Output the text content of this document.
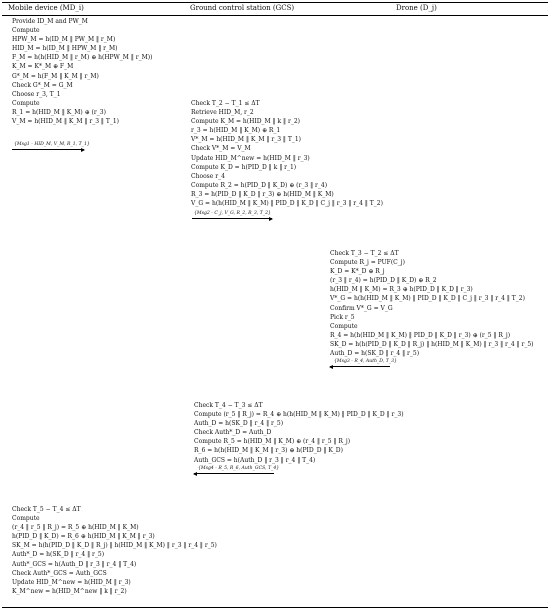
Mobile device (MD_i)	Ground control station (GCS)	Drone (D_j)
Provide ID_M and PW_M
Compute
HPW_M = h(ID_M ‖ PW_M ‖ r_M)
HID_M = h(ID_M ‖ HPW_M ‖ r_M)
F_M = h(h(HID_M ‖ r_M) ⊕ h(HPW_M ‖ r_M))
K_M = K*_M ⊕ F_M
G*_M = h(F_M ‖ K_M ‖ r_M)
Check G*_M = G_M
Choose r_3, T_1
Compute
R_1 = h(HID_M ‖ K_M) ⊕ (r_3)
V_M = h(HID_M ‖ K_M ‖ r_3 ‖ T_1)
{Msg1 - HID_M, V_M, R_1, T_1}
Check T_2 − T_1 ≤ ΔT
Retrieve HID_M, r_2
Compute K_M = h(HID_M ‖ k ‖ r_2)
r_3 = h(HID_M ‖ K_M) ⊕ R_1
V*_M = h(HID_M ‖ K_M ‖ r_3 ‖ T_1)
Check V*_M = V_M
Update HID_M^new = h(HID_M ‖ r_3)
Compute K_D = h(PID_D ‖ k ‖ r_1)
Choose r_4
Compute R_2 = h(PID_D ‖ K_D) ⊕ (r_3 ‖ r_4)
R_3 = h(PID_D ‖ K_D ‖ r_3) ⊕ h(HID_M ‖ K_M)
V_G = h(h(HID_M ‖ K_M) ‖ PID_D ‖ K_D ‖ C_j ‖ r_3 ‖ r_4 ‖ T_2)
{Msg2 - C_j, V_G, R_2, R_3, T_2}
Check T_3 − T_2 ≤ ΔT
Compute R_j = PUF(C_j)
K_D = K*_D ⊕ R_j
(r_3 ‖ r_4) = h(PID_D ‖ K_D) ⊕ R_2
h(HID_M ‖ K_M) = R_3 ⊕ h(PID_D ‖ K_D ‖ r_3)
V*_G = h(h(HID_M ‖ K_M) ‖ PID_D ‖ K_D ‖ C_j ‖ r_3 ‖ r_4 ‖ T_2)
Confirm V*_G = V_G
Pick r_5
Compute
R_4 = h(h(HID_M ‖ K_M) ‖ PID_D ‖ K_D ‖ r_3) ⊕ (r_5 ‖ R_j)
SK_D = h(h(PID_D ‖ K_D ‖ R_j) ‖ h(HID_M ‖ K_M) ‖ r_3 ‖ r_4 ‖ r_5)
Auth_D = h(SK_D ‖ r_4 ‖ r_5)
{Msg3 - R_4, Auth_D, T_3}
Check T_4 − T_3 ≤ ΔT
Compute (r_5 ‖ R_j) = R_4 ⊕ h(h(HID_M ‖ K_M) ‖ PID_D ‖ K_D ‖ r_3)
Auth_D = h(SK_D ‖ r_4 ‖ r_5)
Check Auth*_D = Auth_D
Compute R_5 = h(HID_M ‖ K_M) ⊕ (r_4 ‖ r_5 ‖ R_j)
R_6 = h(h(HID_M ‖ K_M ‖ r_3) ⊕ h(PID_D ‖ K_D)
Auth_GCS = h(Auth_D ‖ r_3 ‖ r_4 ‖ T_4)
{Msg4 - R_5, R_6, Auth_GCS, T_4}
Check T_5 − T_4 ≤ ΔT
Compute
(r_4 ‖ r_5 ‖ R_j) = R_5 ⊕ h(HID_M ‖ K_M)
h(PID_D ‖ K_D) = R_6 ⊕ h(HID_M ‖ K_M ‖ r_3)
SK_M = h(h(PID_D ‖ K_D ‖ R_j) ‖ h(HID_M ‖ K_M) ‖ r_3 ‖ r_4 ‖ r_5)
Auth*_D = h(SK_D ‖ r_4 ‖ r_5)
Auth*_GCS = h(Auth_D ‖ r_3 ‖ r_4 ‖ T_4)
Check Auth*_GCS = Auth_GCS
Update HID_M^new = h(HID_M ‖ r_3)
K_M^new = h(HID_M^new ‖ k ‖ r_2)
